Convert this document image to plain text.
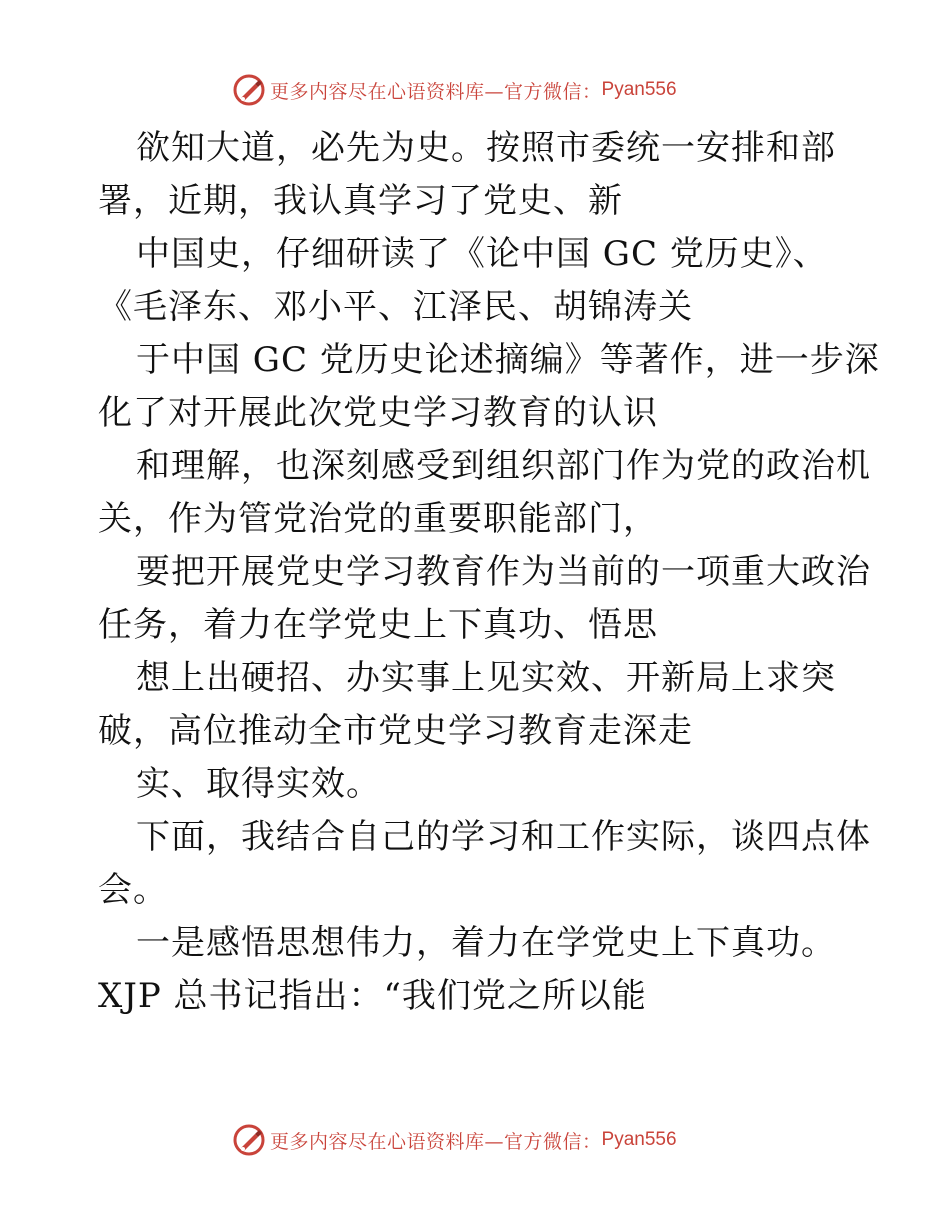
更多内容尽在心语资料库—官方微信： Pyan556
欲知大道，必先为史。按照市委统一安排和部
署，近期，我认真学习了党史、新
中国史，仔细研读了《论中国 GC 党历史》、
《毛泽东、邓小平、江泽民、胡锦涛关
于中国 GC 党历史论述摘编》等著作，进一步深
化了对开展此次党史学习教育的认识
和理解，也深刻感受到组织部门作为党的政治机
关，作为管党治党的重要职能部门，
要把开展党史学习教育作为当前的一项重大政治
任务，着力在学党史上下真功、悟思
想上出硬招、办实事上见实效、开新局上求突
破，高位推动全市党史学习教育走深走
实、取得实效。
下面，我结合自己的学习和工作实际，谈四点体
会。
一是感悟思想伟力，着力在学党史上下真功。
XJP 总书记指出：“我们党之所以能
更多内容尽在心语资料库—官方微信： Pyan556
